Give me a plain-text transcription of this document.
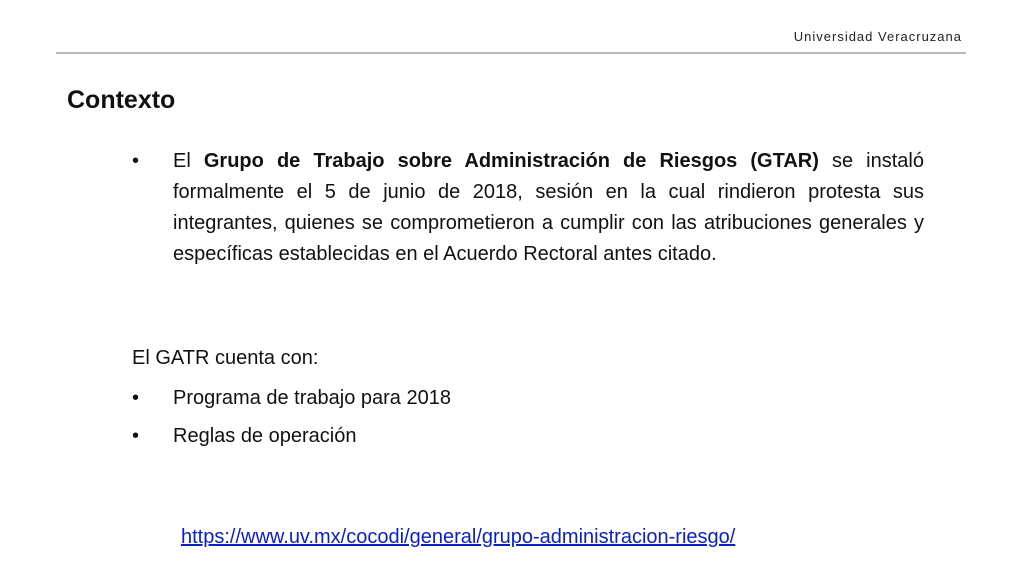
Universidad Veracruzana
Contexto
•	El Grupo de Trabajo sobre Administración de Riesgos (GTAR) se instaló formalmente el 5 de junio de 2018, sesión en la cual rindieron protesta sus integrantes, quienes se comprometieron a cumplir con las atribuciones generales y específicas establecidas en el Acuerdo Rectoral antes citado.
El GATR cuenta con:
•	Programa de trabajo para 2018
•	Reglas de operación
https://www.uv.mx/cocodi/general/grupo-administracion-riesgo/
